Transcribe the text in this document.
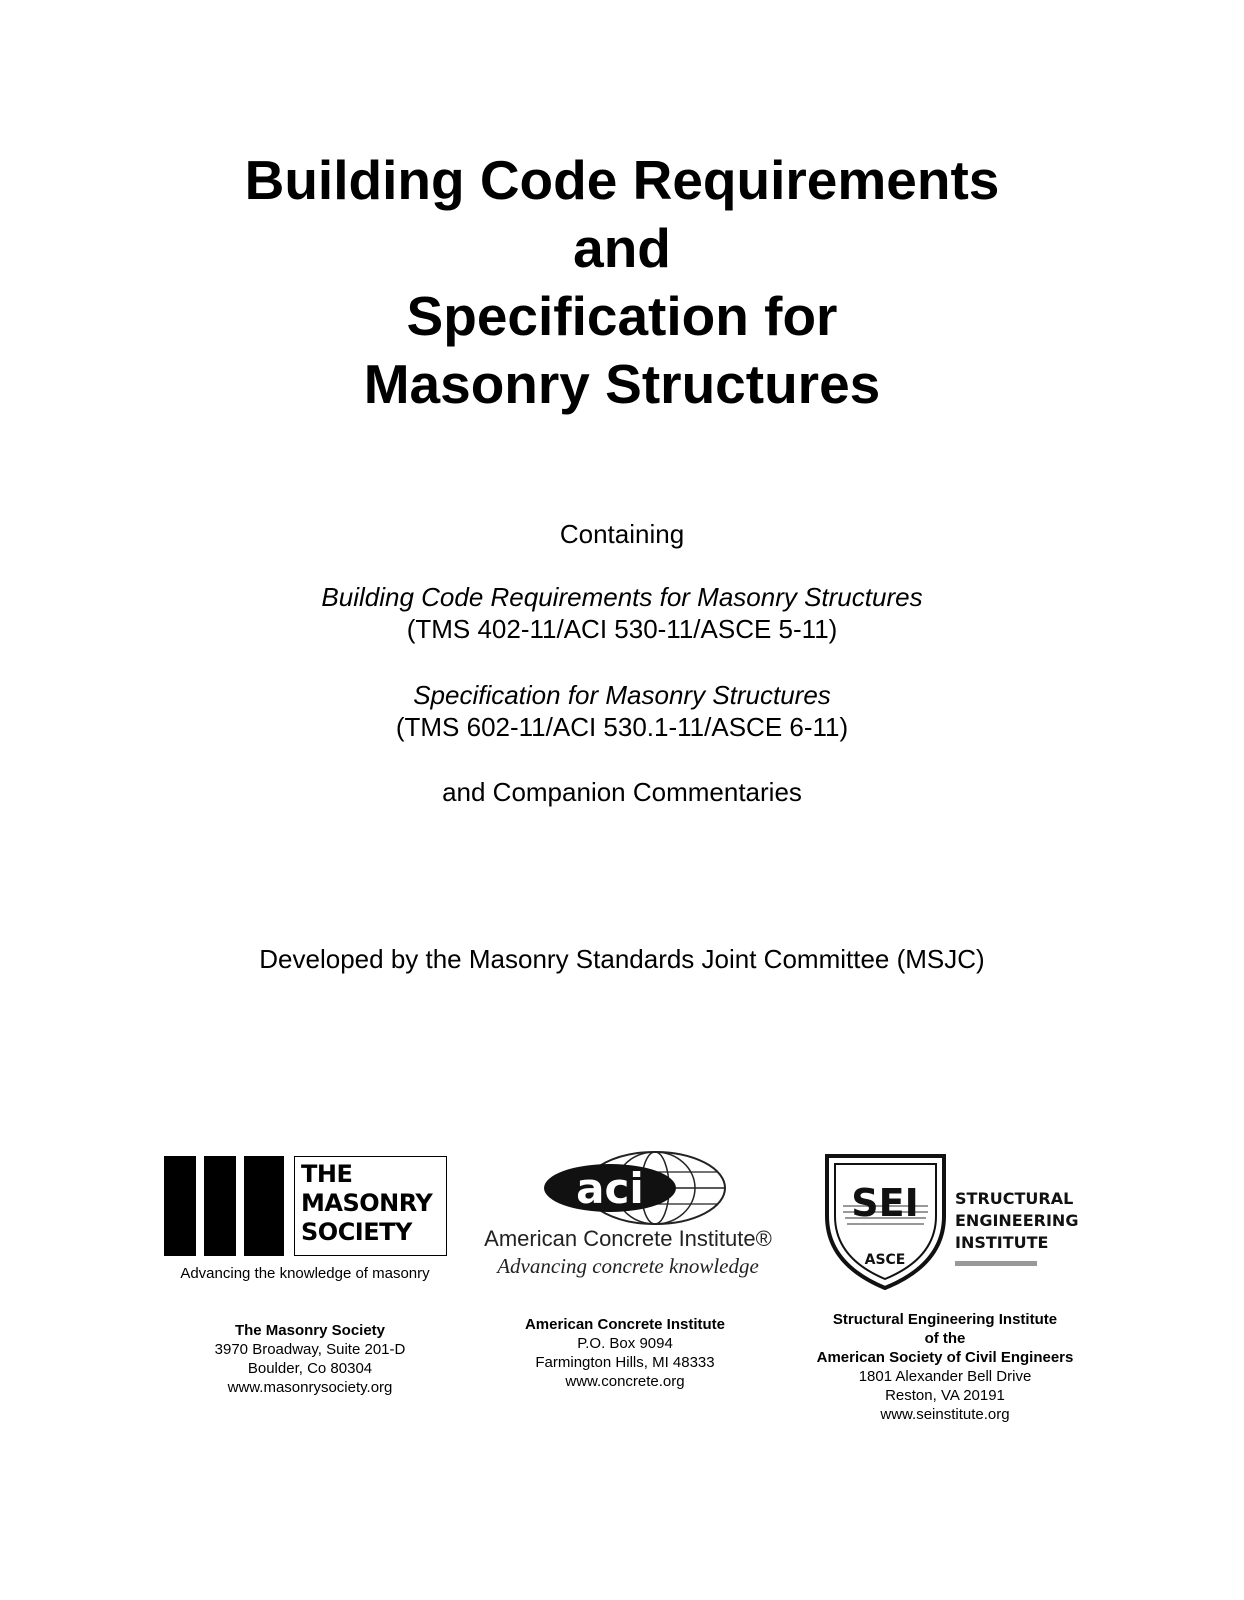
Building Code Requirements
and
Specification for
Masonry Structures
Containing
Building Code Requirements for Masonry Structures
(TMS 402-11/ACI 530-11/ASCE 5-11)
Specification for Masonry Structures
(TMS 602-11/ACI 530.1-11/ASCE 6-11)
and Companion Commentaries
Developed by the Masonry Standards Joint Committee (MSJC)
THE
MASONRY
SOCIETY
Advancing the knowledge of masonry
The Masonry Society
3970 Broadway, Suite 201-D
Boulder, Co 80304
www.masonrysociety.org
aci
American Concrete Institute®
Advancing concrete knowledge
American Concrete Institute
P.O. Box 9094
Farmington Hills, MI 48333
www.concrete.org
SEI
ASCE
STRUCTURAL
ENGINEERING
INSTITUTE
Structural Engineering Institute
of the
American Society of Civil Engineers
1801 Alexander Bell Drive
Reston, VA 20191
www.seinstitute.org
